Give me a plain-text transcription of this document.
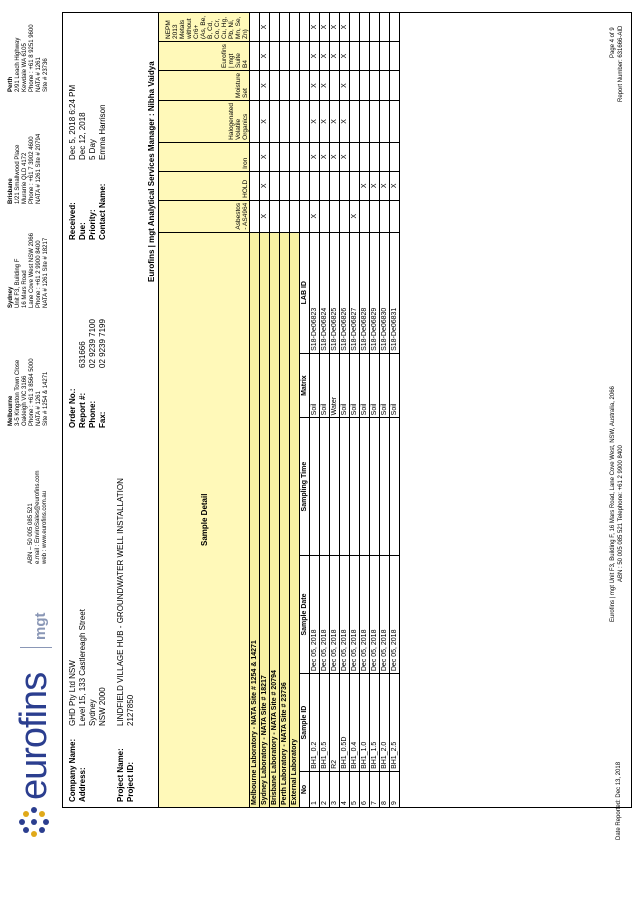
eurofins
mgt
ABN – 50 005 085 521 e.mail : EnviroSales@eurofins.com web : www.eurofins.com.au
Melbourne 3-5 Kingston Town Close Oakleigh VIC 3166 Phone : +61 3 8564 5000 NATA # 1261 Site # 1254 & 14271
Sydney Unit F3, Building F 16 Mars Road Lane Cove West NSW 2066 Phone : +61 2 9900 8400 NATA # 1261 Site # 18217
Brisbane 1/21 Smallwood Place Murarrie QLD 4172 Phone : +61 7 3902 4600 NATA # 1261 Site # 20794
Perth 2/91 Leach Highway Kewdale WA 6105 Phone : +61 8 9251 9600 NATA # 1261 Site # 23736
Company Name:
GHD Pty Ltd NSW
Address:
Level 15, 133 Castlereagh Street Sydney NSW 2000
Project Name:
LINDFIELD VILLAGE HUB - GROUNDWATER WELL INSTALLATION
Project ID:
2127850
Order No.: Report #:
631666
Phone:
02 9239 7100
Fax:
02 9239 7199
Received:
Dec 5, 2018 6:24 PM
Due:
Dec 12, 2018
Priority:
5 Day
Contact Name:
Emma Harrison	Eurofins | mgt Analytical Services Manager : Nibha Vaidya
Sample Detail						Asbestos - AS4964	HOLD	Iron	Halogenated Volatile Organics	Moisture Set	Eurofins | mgt Suite B4	NEPM 2013 Metals without Cr6+ (As, Be, B, Cd, Co, Cr, Cu, Hg, Pb, Ni, Mn, Se, Zn)
Melbourne Laboratory - NATA Site # 1254 & 14271												
Sydney Laboratory - NATA Site # 18217						X	X	X	X	X	X	X
Brisbane Laboratory - NATA Site # 20794												
Perth Laboratory - NATA Site # 23736												
External Laboratory												
No	Sample ID	Sample Date	Sampling Time	Matrix	LAB ID							
1	BH1_0.2	Dec 05, 2018		Soil	S18-De06823	X		X	X	X	X	X
2	BH1_0.5	Dec 05, 2018		Soil	S18-De06824			X	X	X	X	X
3	R2	Dec 05, 2018		Water	S18-De06825			X	X		X	X
4	BH1_0.5D	Dec 05, 2018		Soil	S18-De06826			X	X	X	X	X
5	BH1_0.4	Dec 05, 2018		Soil	S18-De06827	X						
6	BH1_1.0	Dec 05, 2018		Soil	S18-De06828		X					
7	BH1_1.5	Dec 05, 2018		Soil	S18-De06829		X					
8	BH1_2.0	Dec 05, 2018		Soil	S18-De06830		X					
9	BH1_2.5	Dec 05, 2018		Soil	S18-De06831		X					
Date Reported: Dec 13, 2018
Eurofins | mgt Unit F3, Building F, 16 Mars Road, Lane Cove West, NSW, Australia, 2066 ABN : 50 005 085 521 Telephone: +61 2 9900 8400
Page 4 of 9 Report Number: 631666-AID
